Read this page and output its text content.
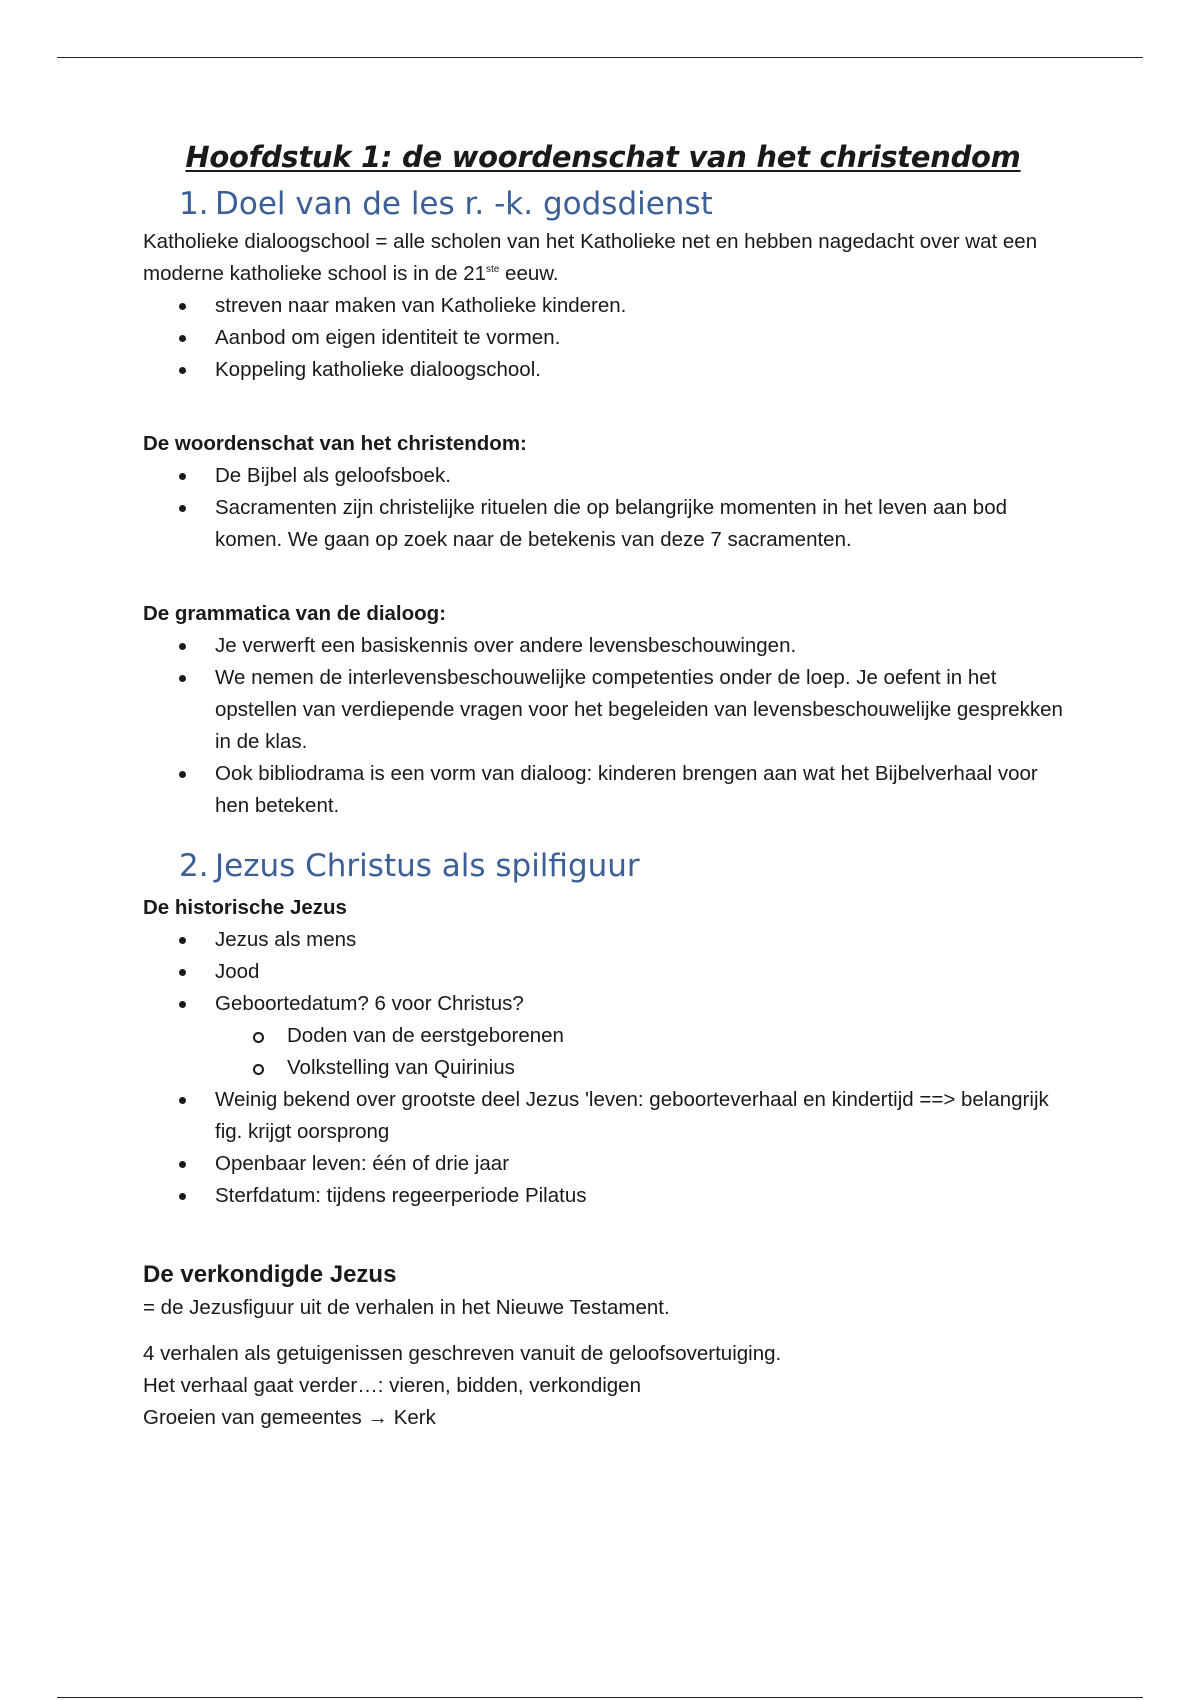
Hoofdstuk 1: de woordenschat van het christendom
1. Doel van de les r. -k. godsdienst

Katholieke dialoogschool = alle scholen van het Katholieke net en hebben nagedacht over wat een moderne katholieke school is in de 21ste eeuw.

streven naar maken van Katholieke kinderen.
Aanbod om eigen identiteit te vormen.
Koppeling katholieke dialoogschool.

De woordenschat van het christendom:

De Bijbel als geloofsboek.
Sacramenten zijn christelijke rituelen die op belangrijke momenten in het leven aan bod komen. We gaan op zoek naar de betekenis van deze 7 sacramenten.

De grammatica van de dialoog:

Je verwerft een basiskennis over andere levensbeschouwingen.
We nemen de interlevensbeschouwelijke competenties onder de loep. Je oefent in het opstellen van verdiepende vragen voor het begeleiden van levensbeschouwelijke gesprekken in de klas.
Ook bibliodrama is een vorm van dialoog: kinderen brengen aan wat het Bijbelverhaal voor hen betekent.
2. Jezus Christus als spilfiguur

De historische Jezus

Jezus als mens
Jood
Geboortedatum? 6 voor Christus?
Doden van de eerstgeborenen
Volkstelling van Quirinius
Weinig bekend over grootste deel Jezus 'leven: geboorteverhaal en kindertijd ==> belangrijk fig. krijgt oorsprong
Openbaar leven: één of drie jaar
Sterfdatum: tijdens regeerperiode Pilatus
De verkondigde Jezus

= de Jezusfiguur uit de verhalen in het Nieuwe Testament.

4 verhalen als getuigenissen geschreven vanuit de geloofsovertuiging.

Het verhaal gaat verder…: vieren, bidden, verkondigen

Groeien van gemeentes → Kerk
